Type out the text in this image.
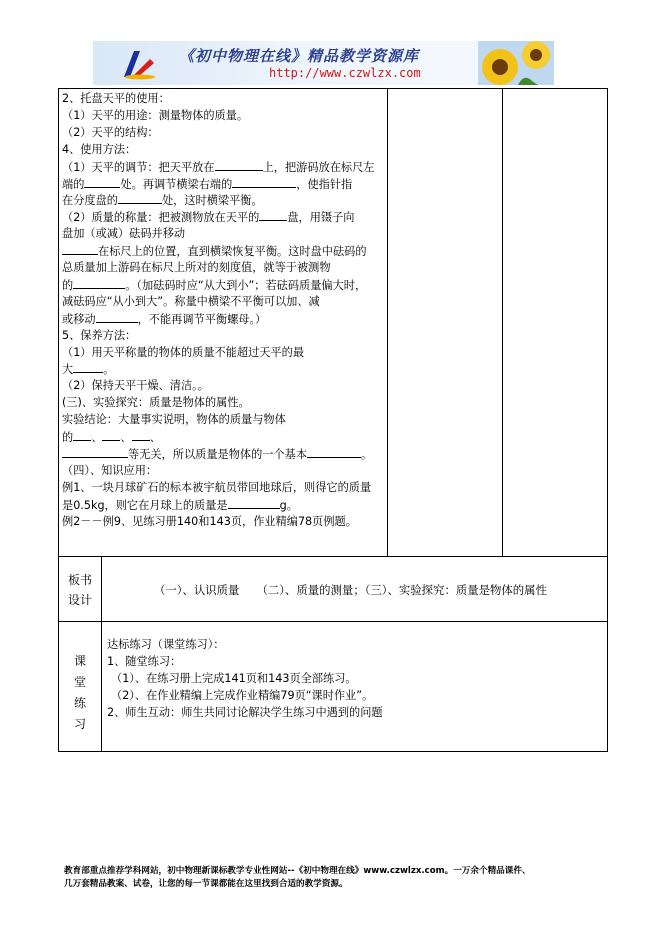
《初中物理在线》精品教学资源库
http://www.czwlzx.com
2、托盘天平的使用：
（1）天平的用途：测量物体的质量。
（2）天平的结构：
4、使用方法：
（1）天平的调节：把天平放在	上，把游码放在标尺左
端的	处。再调节横梁右端的	，使指针指
在分度盘的	处，这时横梁平衡。
（2）质量的称量：把被测物放在天平的	盘，用镊子向
盘加（或减）砝码并移动
在标尺上的位置，直到横梁恢复平衡。这时盘中砝码的
总质量加上游码在标尺上所对的刻度值，就等于被测物
的	。（加砝码时应“从大到小”；若砝码质量偏大时，
减砝码应“从小到大”。称量中横梁不平衡可以加、减
或移动	，不能再调节平衡螺母。）
5、保养方法：
（1）用天平称量的物体的质量不能超过天平的最
大	。
（2）保持天平干燥、清洁。。
(三)、实验探究：质量是物体的属性。
实验结论：大量事实说明，物体的质量与物体
的 、 、 、
等无关，所以质量是物体的一个基本	。
（四）、知识应用：
例1、一块月球矿石的标本被宇航员带回地球后，则得它的质量
是0.5kg，则它在月球上的质量是	g。
例2－－例9、见练习册140和143页，作业精编78页例题。
板书
设计
（一）、认识质量　　（二）、质量的测量；（三）、实验探究：质量是物体的属性
课
堂
练
习
达标练习（课堂练习）：
1、随堂练习：
（1）、在练习册上完成141页和143页全部练习。
（2）、在作业精编上完成作业精编79页“课时作业”。
2、师生互动：师生共同讨论解决学生练习中遇到的问题
教育部重点推荐学科网站，初中物理新课标教学专业性网站--《初中物理在线》www.czwlzx.com。一万余个精品课件、
几万套精品教案、试卷，让您的每一节课都能在这里找到合适的教学资源。
